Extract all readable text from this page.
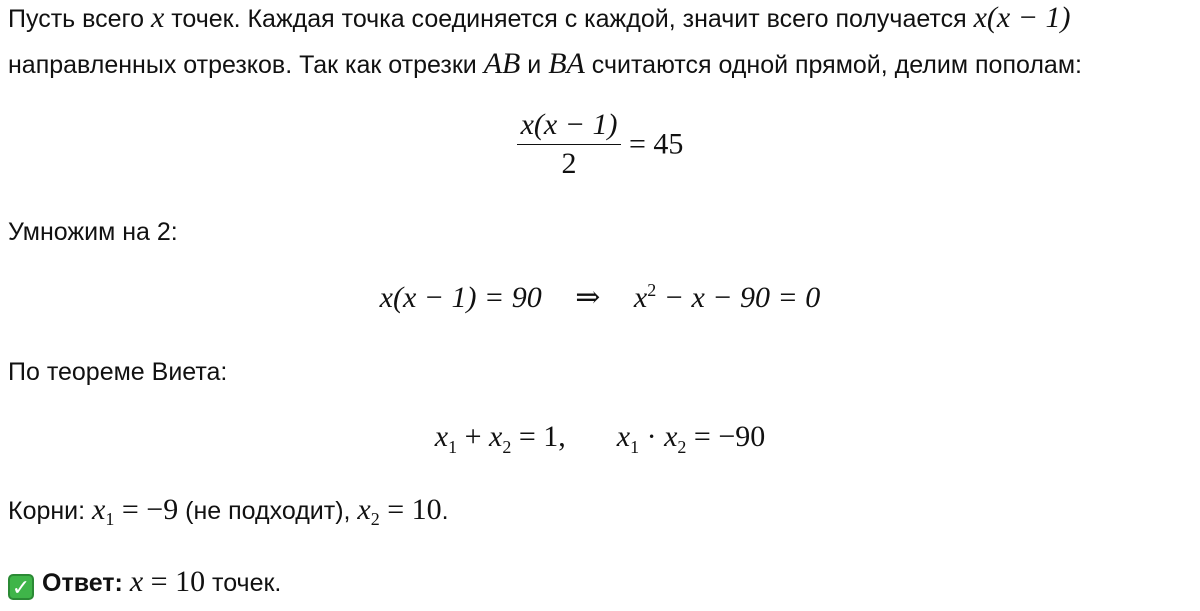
Пусть всего x точек. Каждая точка соединяется с каждой, значит всего получается x(x − 1)
направленных отрезков. Так как отрезки AB и BA считаются одной прямой, делим пополам:
$\frac{x(x - 1)}{2} = 45$
Умножим на 2:
x(x − 1) = 90 ⇒ $x^2 - x - 90 = 0$
По теореме Виета:
$x_1 + x_2 = 1$, $x_1 \cdot x_2 = -90$
Корни: $x_1 = -9$ (не подходит), $x_2 = 10$.
✓ Ответ: x = 10 точек.
